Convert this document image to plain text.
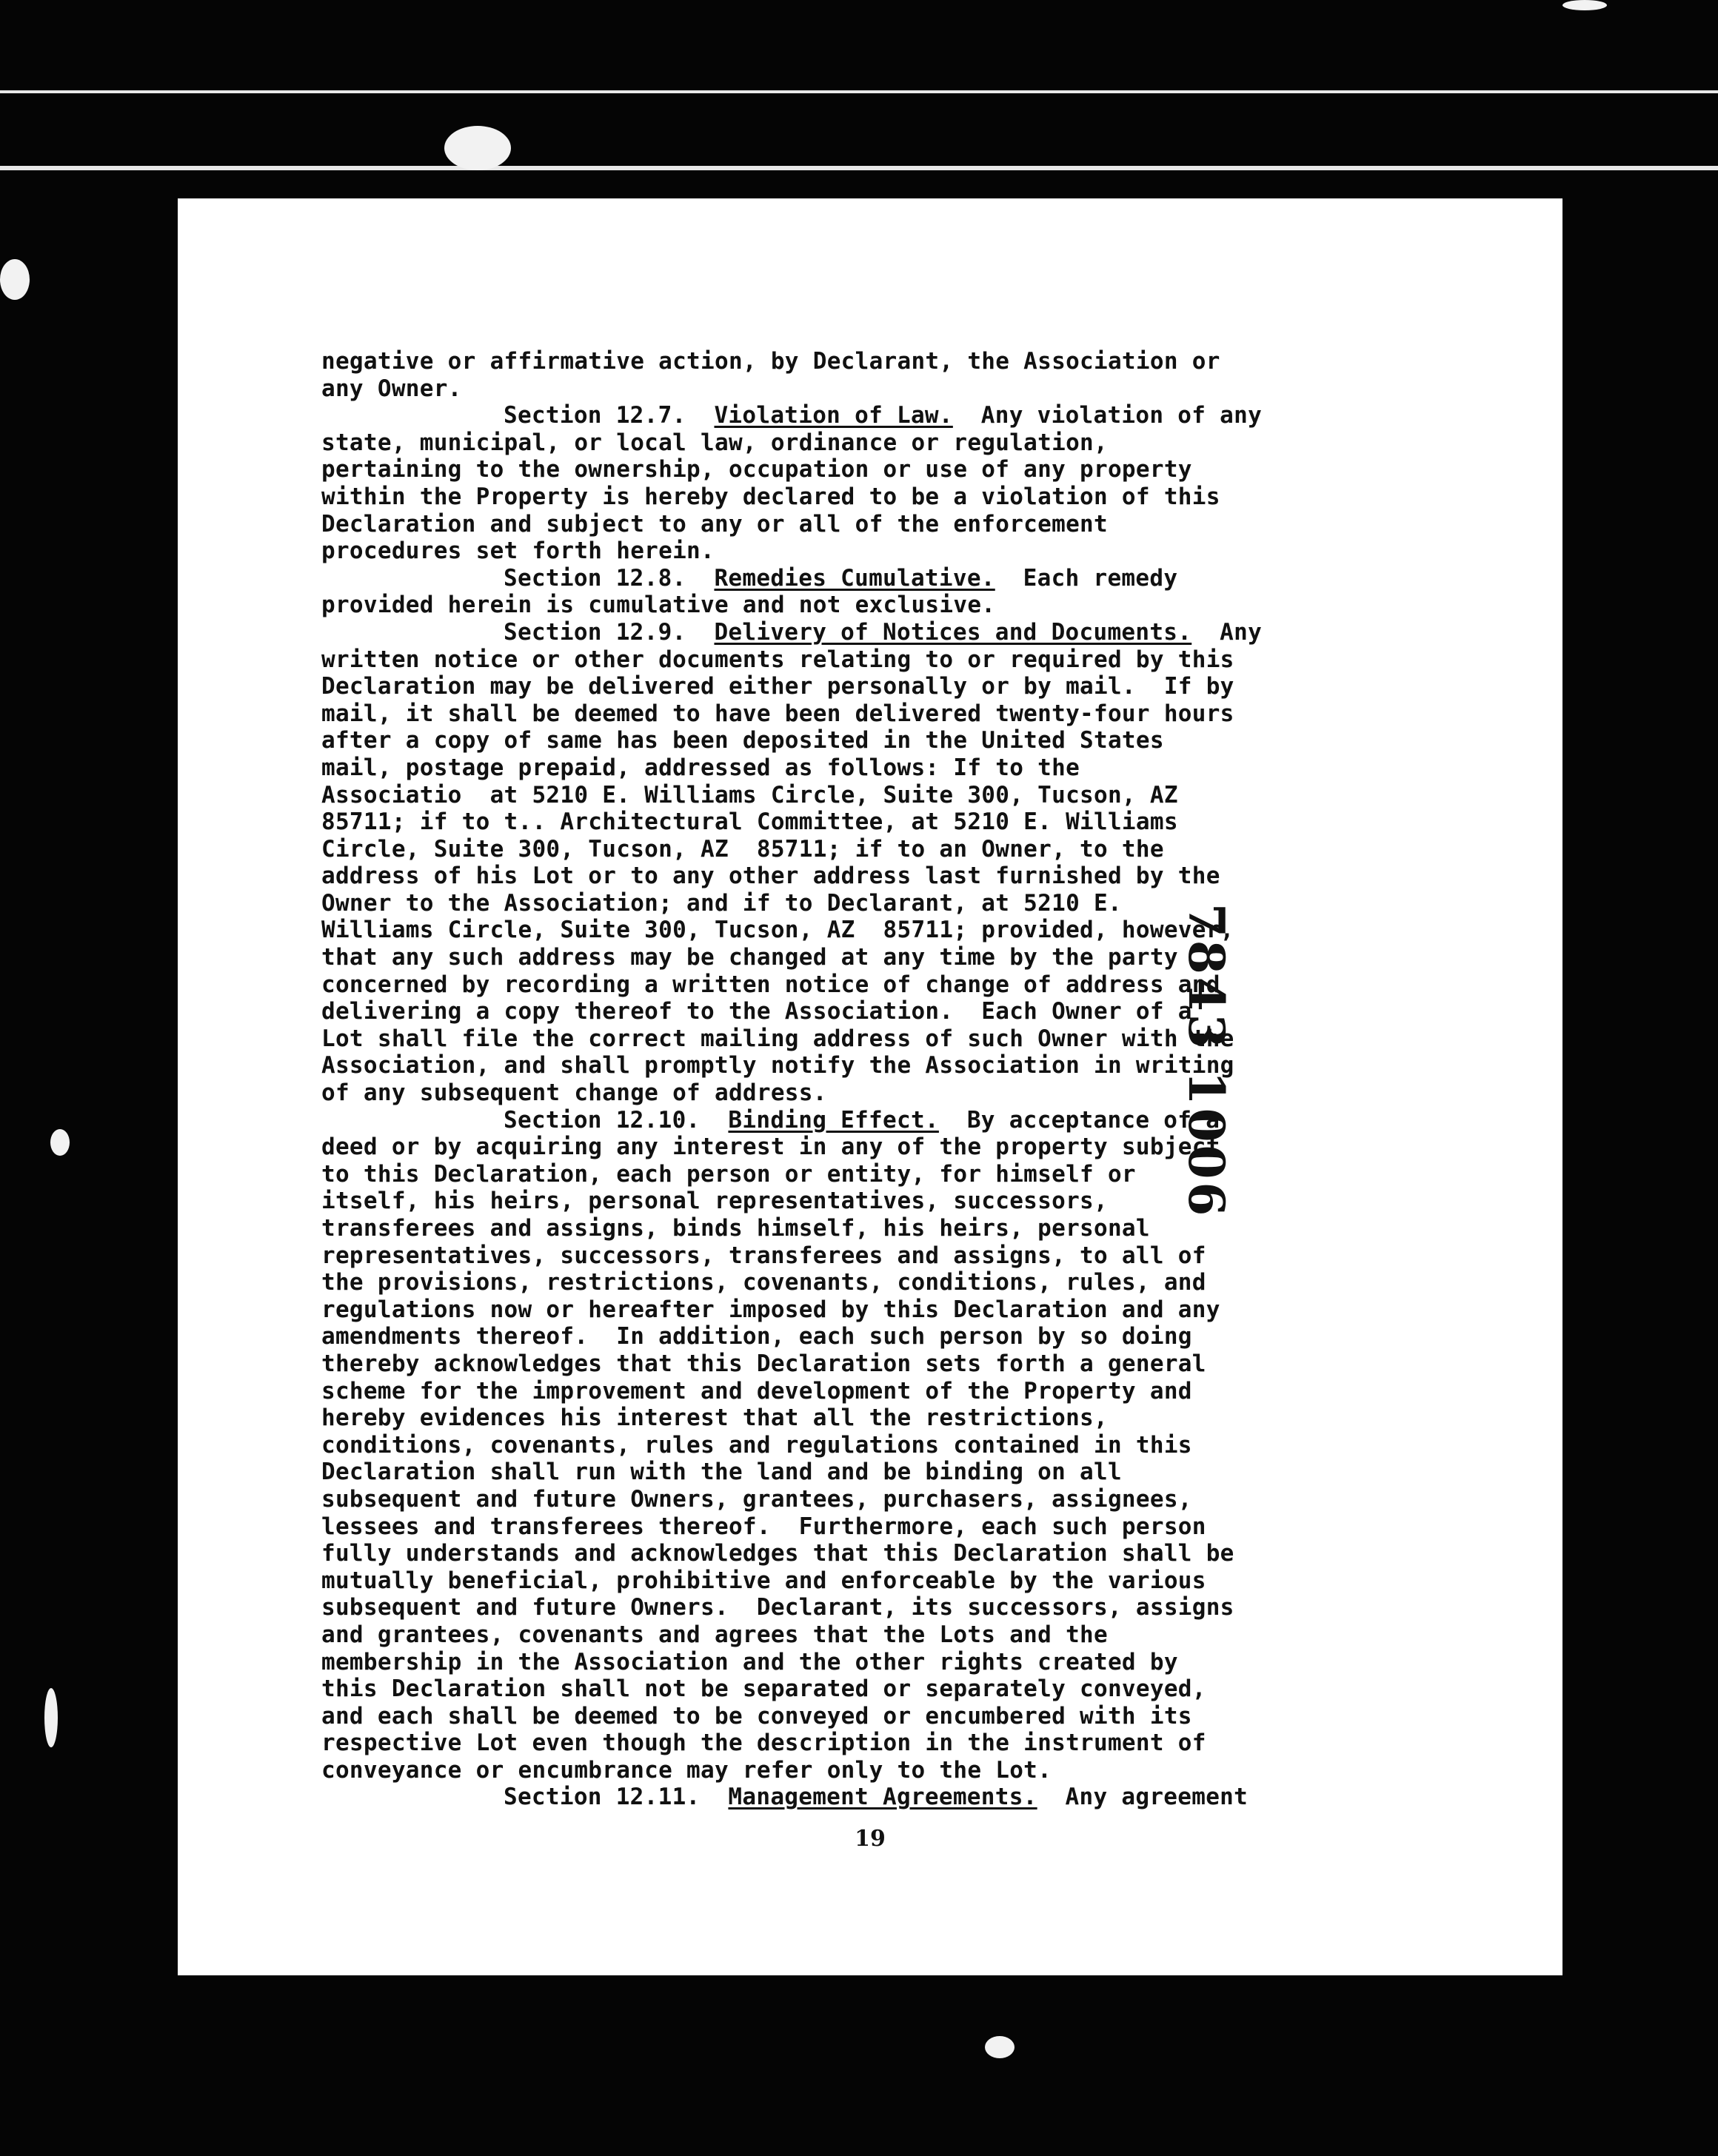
negative or affirmative action, by Declarant, the Association or
any Owner.
Section 12.7.  Violation of Law.  Any violation of any
state, municipal, or local law, ordinance or regulation,
pertaining to the ownership, occupation or use of any property
within the Property is hereby declared to be a violation of this
Declaration and subject to any or all of the enforcement
procedures set forth herein.
Section 12.8.  Remedies Cumulative.  Each remedy
provided herein is cumulative and not exclusive.
Section 12.9.  Delivery of Notices and Documents.  Any
written notice or other documents relating to or required by this
Declaration may be delivered either personally or by mail.  If by
mail, it shall be deemed to have been delivered twenty-four hours
after a copy of same has been deposited in the United States
mail, postage prepaid, addressed as follows: If to the
Associatio  at 5210 E. Williams Circle, Suite 300, Tucson, AZ
85711; if to t.. Architectural Committee, at 5210 E. Williams
Circle, Suite 300, Tucson, AZ  85711; if to an Owner, to the
address of his Lot or to any other address last furnished by the
Owner to the Association; and if to Declarant, at 5210 E.
Williams Circle, Suite 300, Tucson, AZ  85711; provided, however,
that any such address may be changed at any time by the party
concerned by recording a written notice of change of address and
delivering a copy thereof to the Association.  Each Owner of a
Lot shall file the correct mailing address of such Owner with the
Association, and shall promptly notify the Association in writing
of any subsequent change of address.
Section 12.10.  Binding Effect.  By acceptance of a
deed or by acquiring any interest in any of the property subject
to this Declaration, each person or entity, for himself or
itself, his heirs, personal representatives, successors,
transferees and assigns, binds himself, his heirs, personal
representatives, successors, transferees and assigns, to all of
the provisions, restrictions, covenants, conditions, rules, and
regulations now or hereafter imposed by this Declaration and any
amendments thereof.  In addition, each such person by so doing
thereby acknowledges that this Declaration sets forth a general
scheme for the improvement and development of the Property and
hereby evidences his interest that all the restrictions,
conditions, covenants, rules and regulations contained in this
Declaration shall run with the land and be binding on all
subsequent and future Owners, grantees, purchasers, assignees,
lessees and transferees thereof.  Furthermore, each such person
fully understands and acknowledges that this Declaration shall be
mutually beneficial, prohibitive and enforceable by the various
subsequent and future Owners.  Declarant, its successors, assigns
and grantees, covenants and agrees that the Lots and the
membership in the Association and the other rights created by
this Declaration shall not be separated or separately conveyed,
and each shall be deemed to be conveyed or encumbered with its
respective Lot even though the description in the instrument of
conveyance or encumbrance may refer only to the Lot.
Section 12.11.  Management Agreements.  Any agreement
19
7843 1006
